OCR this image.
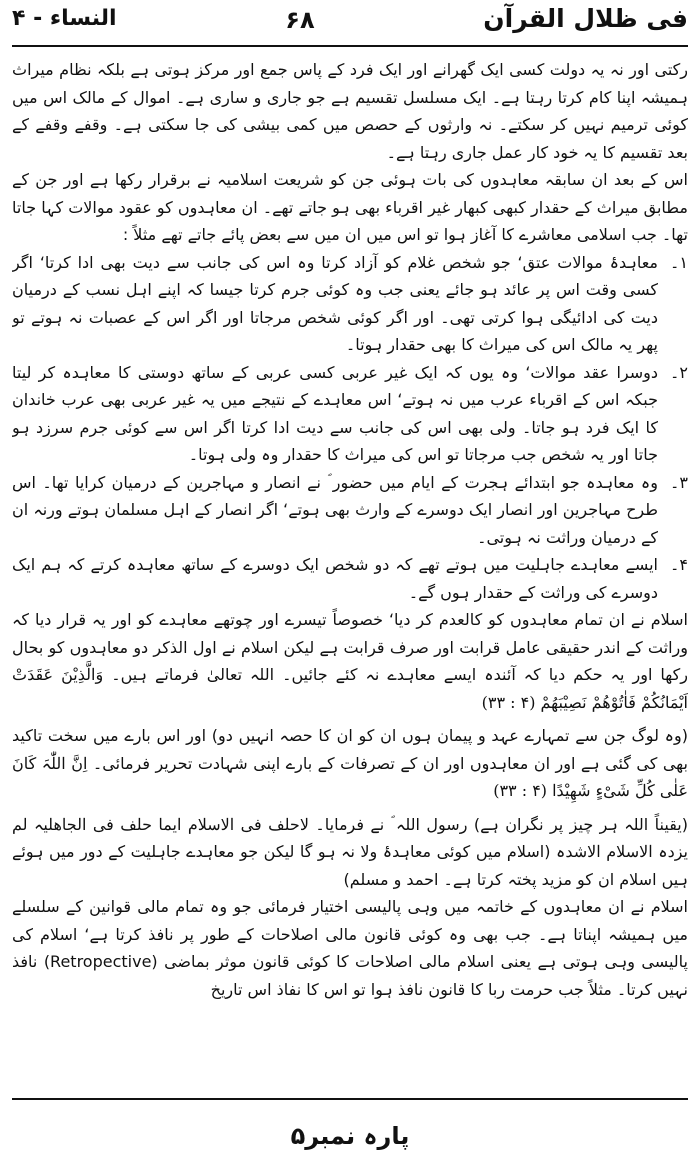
فی ظلال القرآن
۶۸
النساء - ۴

رکتی اور نہ یہ دولت کسی ایک گھرانے اور ایک فرد کے پاس جمع اور مرکز ہوتی ہے بلکہ نظام میراث ہمیشہ اپنا کام کرتا رہتا ہے۔ ایک مسلسل تقسیم ہے جو جاری و ساری ہے۔ اموال کے مالک اس میں کوئی ترمیم نہیں کر سکتے۔ نہ وارثوں کے حصص میں کمی بیشی کی جا سکتی ہے۔ وقفے وقفے کے بعد تقسیم کا یہ خود کار عمل جاری رہتا ہے۔

اس کے بعد ان سابقہ معاہدوں کی بات ہوئی جن کو شریعت اسلامیہ نے برقرار رکھا ہے اور جن کے مطابق میراث کے حقدار کبھی کبھار غیر اقرباء بھی ہو جاتے تھے۔ ان معاہدوں کو عقود موالات کہا جاتا تھا۔ جب اسلامی معاشرے کا آغاز ہوا تو اس میں ان میں سے بعض پائے جاتے تھے مثلاً :

۱۔
معاہدۂ موالات عتق‘ جو شخص غلام کو آزاد کرتا وہ اس کی جانب سے دیت بھی ادا کرتا‘ اگر کسی وقت اس پر عائد ہو جائے یعنی جب وہ کوئی جرم کرتا جیسا کہ اپنے اہل نسب کے درمیان دیت کی ادائیگی ہوا کرتی تھی۔ اور اگر کوئی شخص مرجاتا اور اگر اس کے عصبات نہ ہوتے تو پھر یہ مالک اس کی میراث کا بھی حقدار ہوتا۔
۲۔
دوسرا عقد موالات‘ وہ یوں کہ ایک غیر عربی کسی عربی کے ساتھ دوستی کا معاہدہ کر لیتا جبکہ اس کے اقرباء عرب میں نہ ہوتے‘ اس معاہدے کے نتیجے میں یہ غیر عربی بھی عرب خاندان کا ایک فرد ہو جاتا۔ ولی بھی اس کی جانب سے دیت ادا کرتا اگر اس سے کوئی جرم سرزد ہو جاتا اور یہ شخص جب مرجاتا تو اس کی میراث کا حقدار وہ ولی ہوتا۔
۳۔
وہ معاہدہ جو ابتدائے ہجرت کے ایام میں حضور ؐ نے انصار و مہاجرین کے درمیان کرایا تھا۔ اس طرح مہاجرین اور انصار ایک دوسرے کے وارث بھی ہوتے‘ اگر انصار کے اہل مسلمان ہوتے ورنہ ان کے درمیان وراثت نہ ہوتی۔
۴۔
ایسے معاہدے جاہلیت میں ہوتے تھے کہ دو شخص ایک دوسرے کے ساتھ معاہدہ کرتے کہ ہم ایک دوسرے کی وراثت کے حقدار ہوں گے۔

اسلام نے ان تمام معاہدوں کو کالعدم کر دیا‘ خصوصاً تیسرے اور چوتھے معاہدے کو اور یہ قرار دیا کہ وراثت کے اندر حقیقی عامل قرابت اور صرف قرابت ہے لیکن اسلام نے اول الذکر دو معاہدوں کو بحال رکھا اور یہ حکم دیا کہ آئندہ ایسے معاہدے نہ کئے جائیں۔ اللہ تعالیٰ فرماتے ہیں۔ وَالَّذِیْنَ عَقَدَتْ اَیْمَانُکُمْ فَاٰتُوْھُمْ نَصِیْبَھُمْ (۴ : ۳۳)

(وہ لوگ جن سے تمہارے عہد و پیمان ہوں ان کو ان کا حصہ انہیں دو) اور اس بارے میں سخت تاکید بھی کی گئی ہے اور ان معاہدوں اور ان کے تصرفات کے بارے اپنی شہادت تحریر فرمائی۔ اِنَّ اللّٰہَ کَانَ عَلٰی کُلِّ شَیْءٍ شَھِیْدًا (۴ : ۳۳)

(یقیناً اللہ ہر چیز پر نگران ہے) رسول اللہ ؐ نے فرمایا۔ لاحلف فی الاسلام ایما حلف فی الجاھلیہ لم یزدہ الاسلام الاشدہ (اسلام میں کوئی معاہدۂ ولا نہ ہو گا لیکن جو معاہدے جاہلیت کے دور میں ہوئے ہیں اسلام ان کو مزید پختہ کرتا ہے۔ احمد و مسلم)

اسلام نے ان معاہدوں کے خاتمہ میں وہی پالیسی اختیار فرمائی جو وہ تمام مالی قوانین کے سلسلے میں ہمیشہ اپناتا ہے۔ جب بھی وہ کوئی قانون مالی اصلاحات کے طور پر نافذ کرتا ہے‘ اسلام کی پالیسی وہی ہوتی ہے یعنی اسلام مالی اصلاحات کا کوئی قانون موثر بماضی (Retropective) نافذ نہیں کرتا۔ مثلاً جب حرمت ربا کا قانون نافذ ہوا تو اس کا نفاذ اس تاریخ

پارہ نمبر۵
